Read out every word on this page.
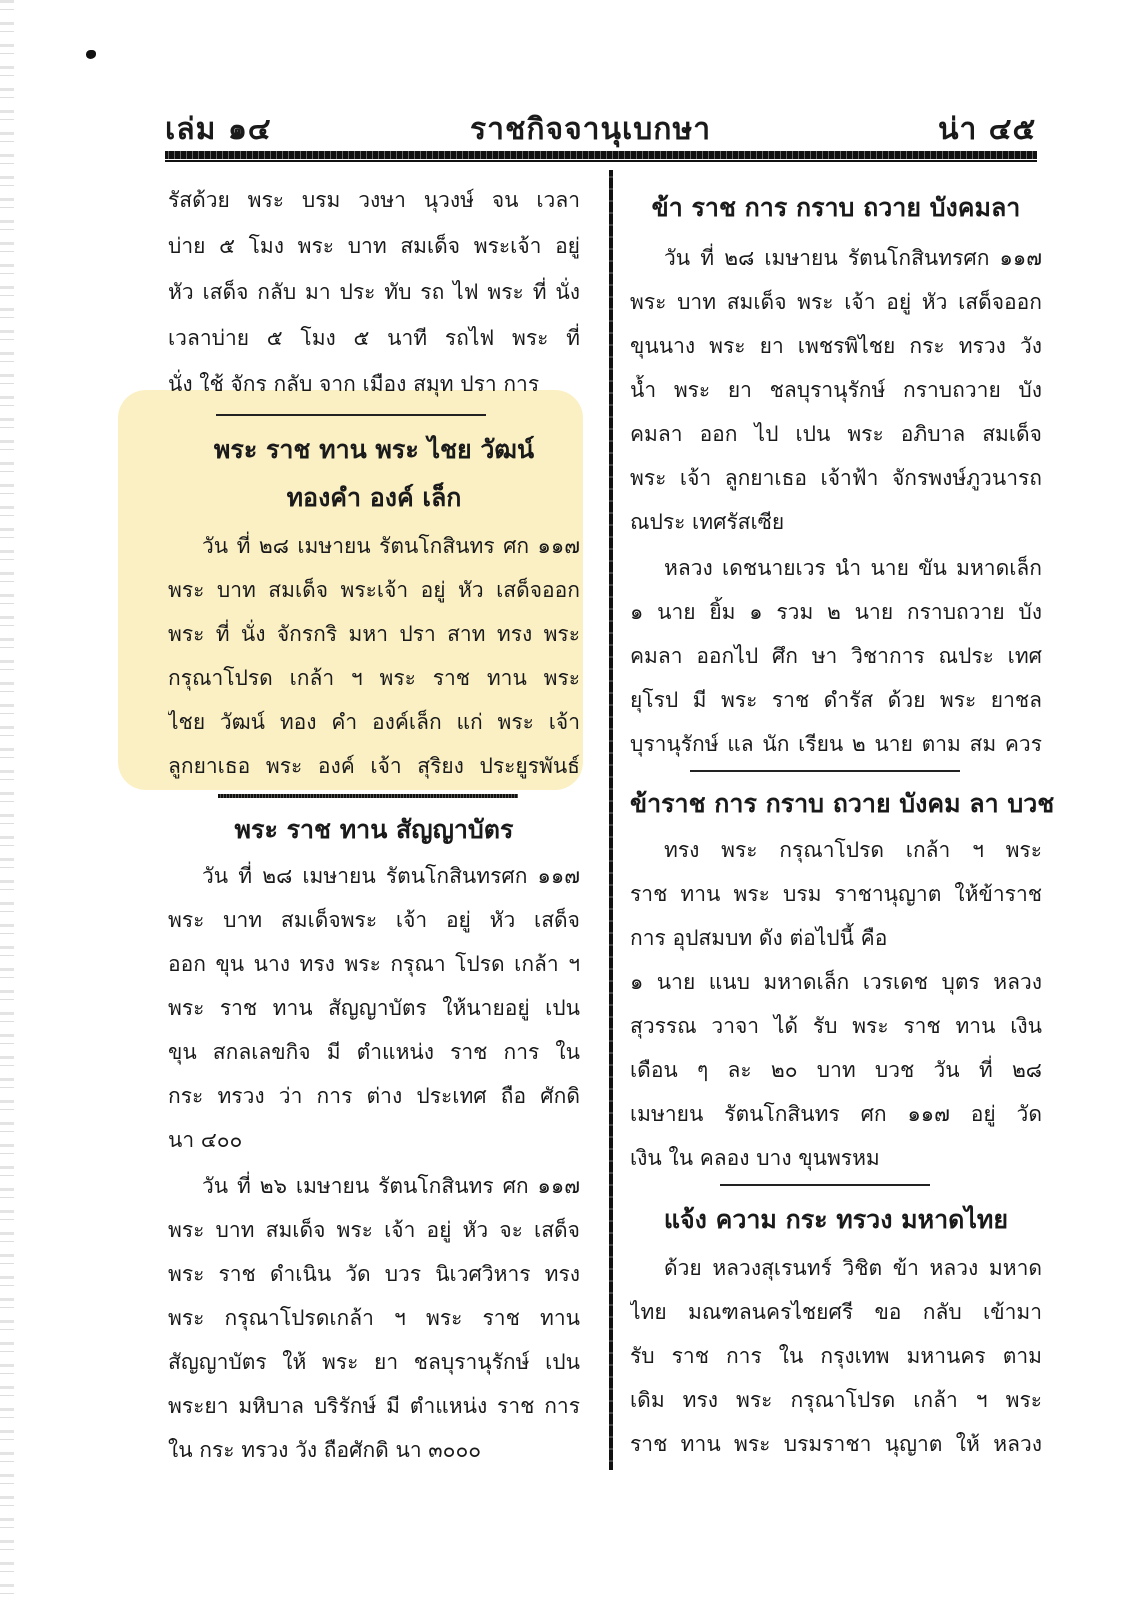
เล่ม ๑๔	ราชกิจจานุเบกษา	น่า ๔๕
รัสด้วย พระ บรม วงษา นุวงษ์ จน เวลา
บ่าย ๕ โมง พระ บาท สมเด็จ พระเจ้า อยู่
หัว เสด็จ กลับ มา ประ ทับ รถ ไฟ พระ ที่ นั่ง
เวลาบ่าย ๕ โมง ๕ นาที รถไฟ พระ ที่
นั่ง ใช้ จักร กลับ จาก เมือง สมุท ปรา การ
พระ ราช ทาน พระ ไชย วัฒน์
ทองคำ องค์ เล็ก
วัน ที่ ๒๘ เมษายน รัตนโกสินทร ศก ๑๑๗
พระ บาท สมเด็จ พระเจ้า อยู่ หัว เสด็จออก
พระ ที่ นั่ง จักรกริ มหา ปรา สาท ทรง พระ
กรุณาโปรด เกล้า ฯ พระ ราช ทาน พระ
ไชย วัฒน์ ทอง คำ องค์เล็ก แก่ พระ เจ้า
ลูกยาเธอ พระ องค์ เจ้า สุริยง ประยูรพันธ์
พระ ราช ทาน สัญญาบัตร
วัน ที่ ๒๘ เมษายน รัตนโกสินทรศก ๑๑๗
พระ บาท สมเด็จพระ เจ้า อยู่ หัว เสด็จ
ออก ขุน นาง ทรง พระ กรุณา โปรด เกล้า ฯ
พระ ราช ทาน สัญญาบัตร ให้นายอยู่ เปน
ขุน สกลเลขกิจ มี ตำแหน่ง ราช การ ใน
กระ ทรวง ว่า การ ต่าง ประเทศ ถือ ศักดิ
นา ๔๐๐
วัน ที่ ๒๖ เมษายน รัตนโกสินทร ศก ๑๑๗
พระ บาท สมเด็จ พระ เจ้า อยู่ หัว จะ เสด็จ
พระ ราช ดำเนิน วัด บวร นิเวศวิหาร ทรง
พระ กรุณาโปรดเกล้า ฯ พระ ราช ทาน
สัญญาบัตร ให้ พระ ยา ชลบุรานุรักษ์ เปน
พระยา มหิบาล บริรักษ์ มี ตำแหน่ง ราช การ
ใน กระ ทรวง วัง ถือศักดิ นา ๓๐๐๐
ข้า ราช การ กราบ ถวาย บังคมลา
วัน ที่ ๒๘ เมษายน รัตนโกสินทรศก ๑๑๗
พระ บาท สมเด็จ พระ เจ้า อยู่ หัว เสด็จออก
ขุนนาง พระ ยา เพชรพิไชย กระ ทรวง วัง
น้ำ พระ ยา ชลบุรานุรักษ์ กราบถวาย บัง
คมลา ออก ไป เปน พระ อภิบาล สมเด็จ
พระ เจ้า ลูกยาเธอ เจ้าฟ้า จักรพงษ์ภูวนารถ
ณประ เทศรัสเซีย
หลวง เดชนายเวร นำ นาย ขัน มหาดเล็ก
๑ นาย ยิ้ม ๑ รวม ๒ นาย กราบถวาย บัง
คมลา ออกไป ศึก ษา วิชาการ ณประ เทศ
ยุโรป มี พระ ราช ดำรัส ด้วย พระ ยาชล
บุรานุรักษ์ แล นัก เรียน ๒ นาย ตาม สม ควร
ข้าราช การ กราบ ถวาย บังคม ลา บวช
ทรง พระ กรุณาโปรด เกล้า ฯ พระ
ราช ทาน พระ บรม ราชานุญาต ให้ข้าราช
การ อุปสมบท ดัง ต่อไปนี้ คือ
๑ นาย แนบ มหาดเล็ก เวรเดช บุตร หลวง
สุวรรณ วาจา ได้ รับ พระ ราช ทาน เงิน
เดือน ๆ ละ ๒๐ บาท บวช วัน ที่ ๒๘
เมษายน รัตนโกสินทร ศก ๑๑๗ อยู่ วัด
เงิน ใน คลอง บาง ขุนพรหม
แจ้ง ความ กระ ทรวง มหาดไทย
ด้วย หลวงสุเรนทร์ วิชิต ข้า หลวง มหาด
ไทย มณฑลนครไชยศรี ขอ กลับ เข้ามา
รับ ราช การ ใน กรุงเทพ มหานคร ตาม
เดิม ทรง พระ กรุณาโปรด เกล้า ฯ พระ
ราช ทาน พระ บรมราชา นุญาต ให้ หลวง
